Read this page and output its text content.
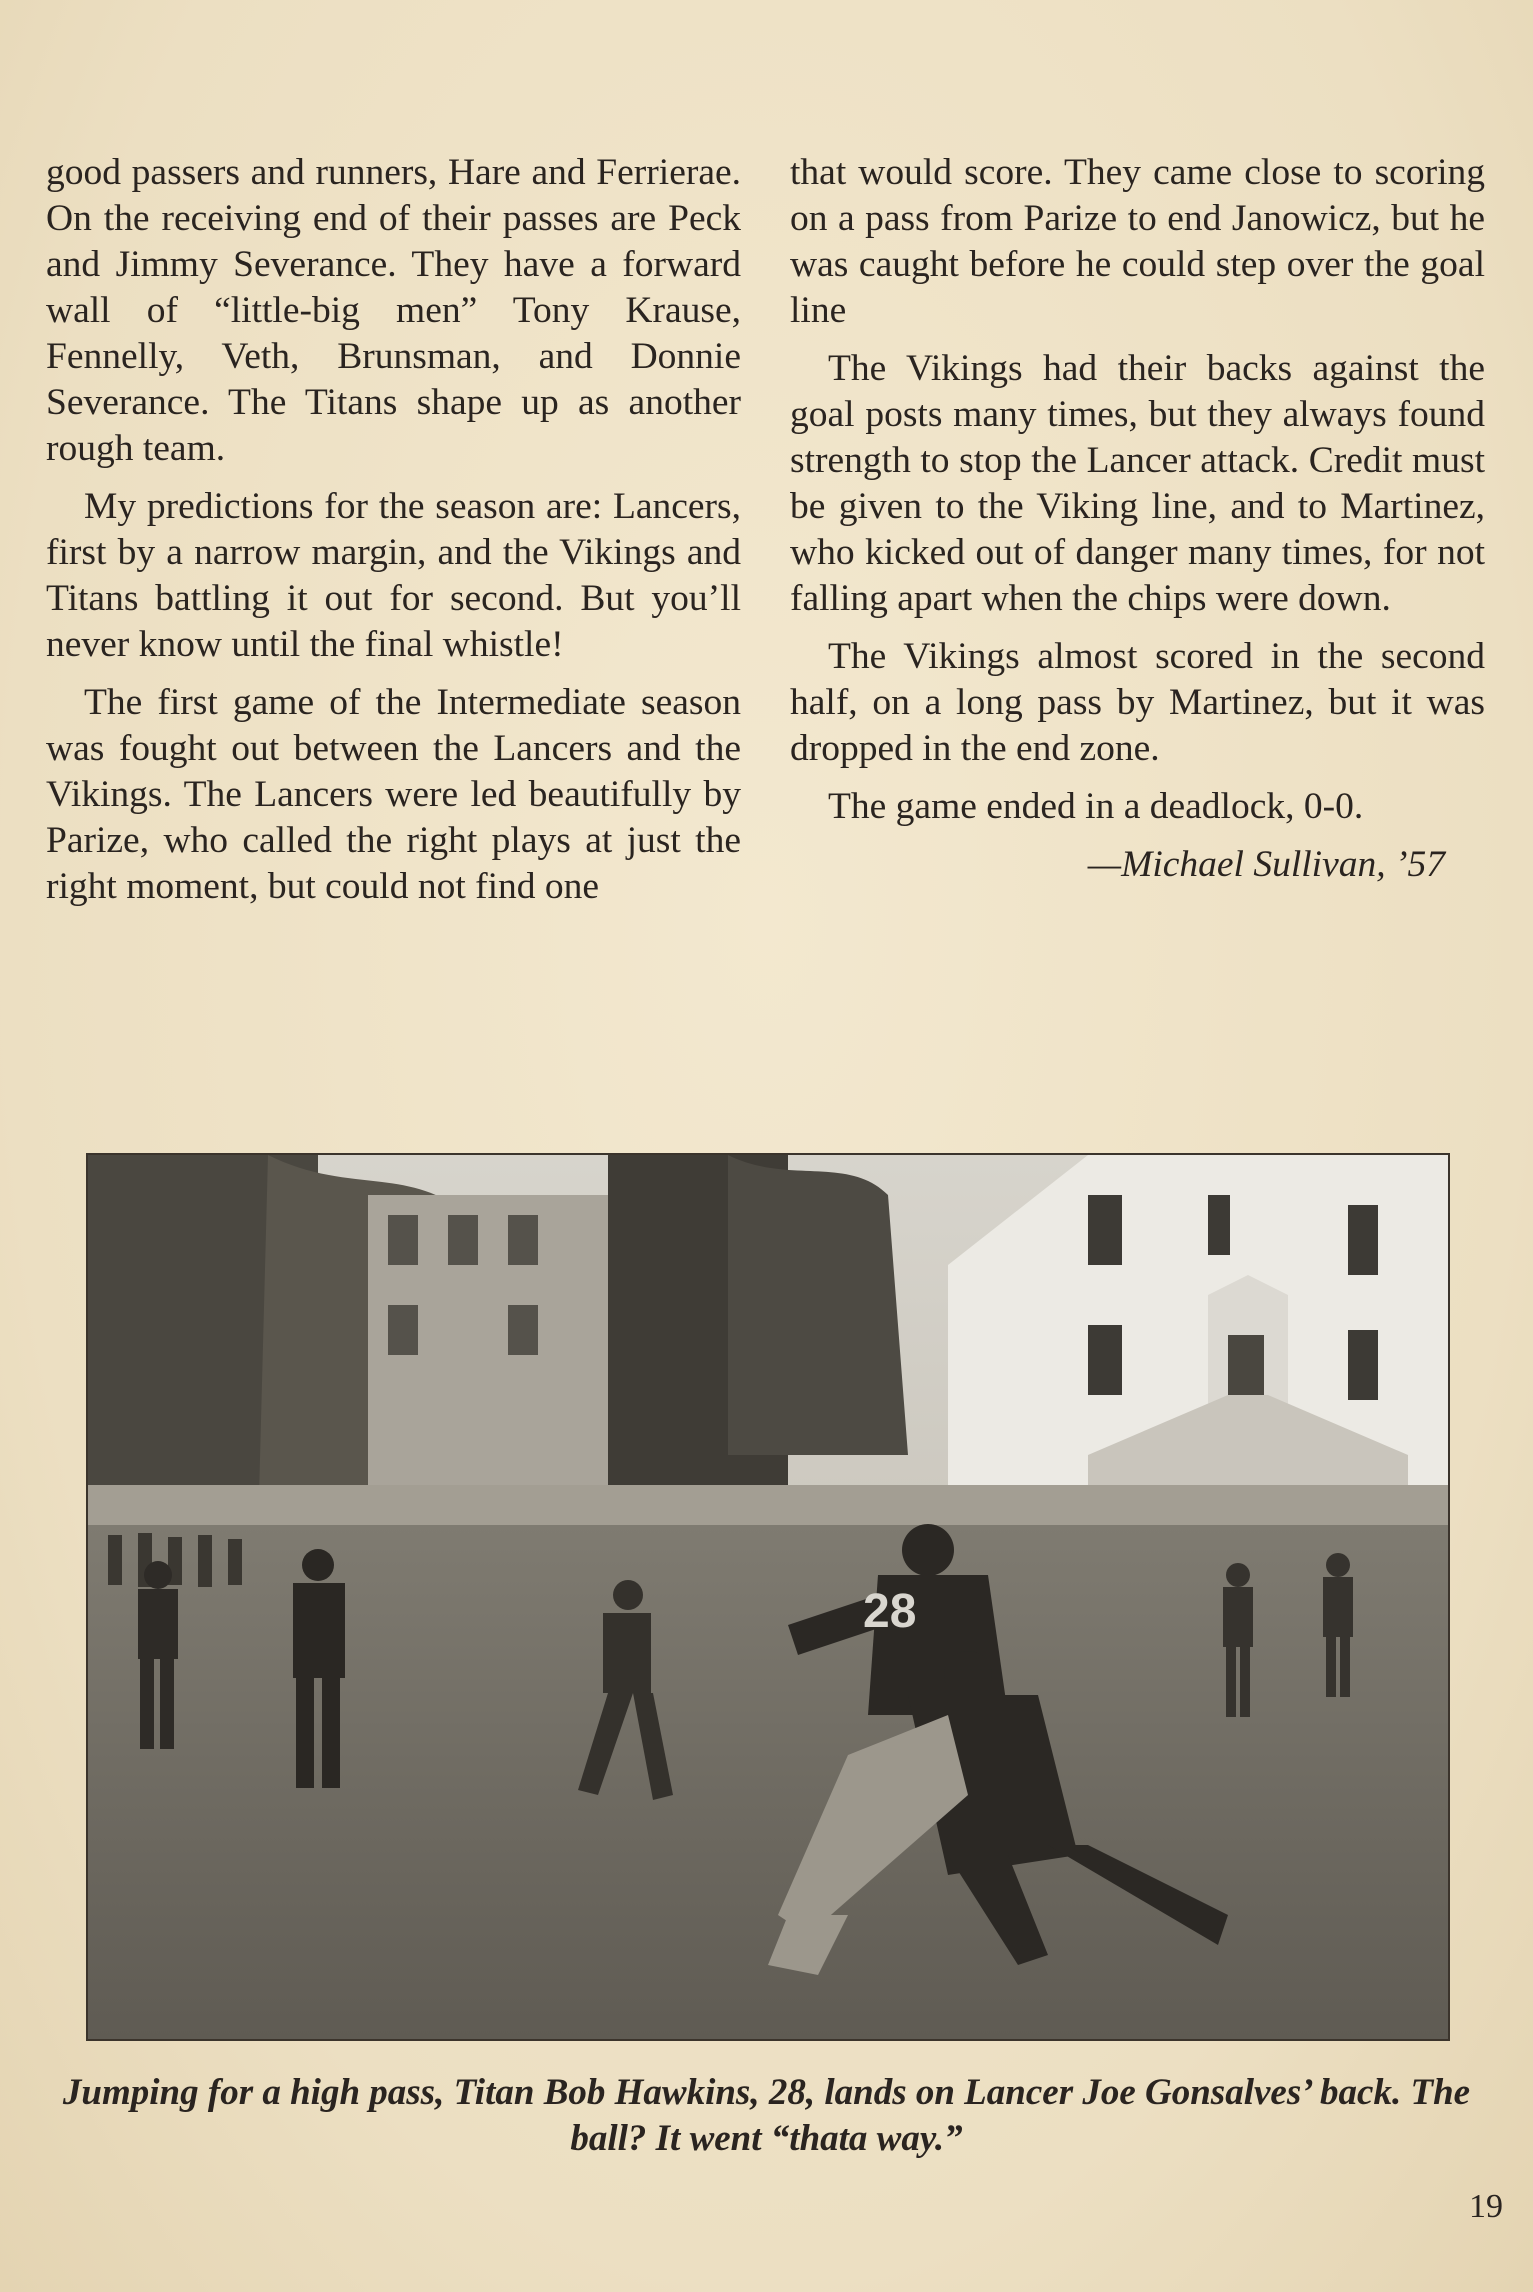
good passers and runners, Hare and Ferrierae. On the receiving end of their passes are Peck and Jimmy Severance. They have a forward wall of “little-big men” Tony Krause, Fennelly, Veth, Brunsman, and Donnie Severance. The Titans shape up as another rough team.

My predictions for the season are: Lancers, first by a narrow margin, and the Vikings and Titans battling it out for second. But you’ll never know until the final whistle!

The first game of the Intermediate season was fought out between the Lancers and the Vikings. The Lancers were led beautifully by Parize, who called the right plays at just the right moment, but could not find one

that would score. They came close to scoring on a pass from Parize to end Janowicz, but he was caught before he could step over the goal line

The Vikings had their backs against the goal posts many times, but they always found strength to stop the Lancer attack. Credit must be given to the Viking line, and to Martinez, who kicked out of danger many times, for not falling apart when the chips were down.

The Vikings almost scored in the second half, on a long pass by Martinez, but it was dropped in the end zone.

The game ended in a deadlock, 0-0.

—Michael Sullivan, ’57
28
Jumping for a high pass, Titan Bob Hawkins, 28, lands on Lancer Joe Gonsalves’ back. The ball? It went “thata way.”
19
